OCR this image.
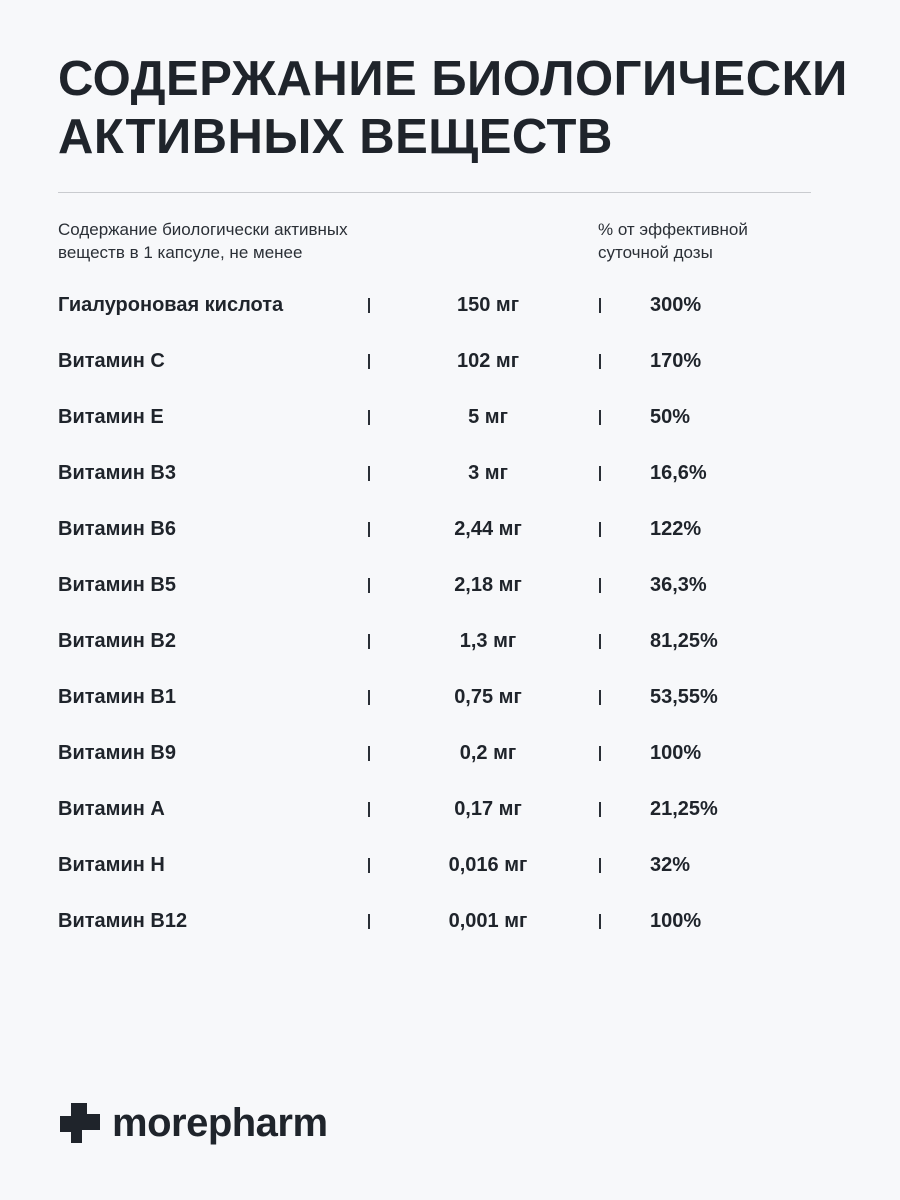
СОДЕРЖАНИЕ БИОЛОГИЧЕСКИ
АКТИВНЫХ ВЕЩЕСТВ
Содержание биологически активных
веществ в 1 капсуле, не менее
% от эффективной
суточной дозы
Гиалуроновая кислота	150 мг	300%
Витамин С	102 мг	170%
Витамин Е	5 мг	50%
Витамин В3	3 мг	16,6%
Витамин В6	2,44 мг	122%
Витамин В5	2,18 мг	36,3%
Витамин В2	1,3 мг	81,25%
Витамин В1	0,75 мг	53,55%
Витамин В9	0,2 мг	100%
Витамин А	0,17 мг	21,25%
Витамин Н	0,016 мг	32%
Витамин В12	0,001 мг	100%
morepharm
